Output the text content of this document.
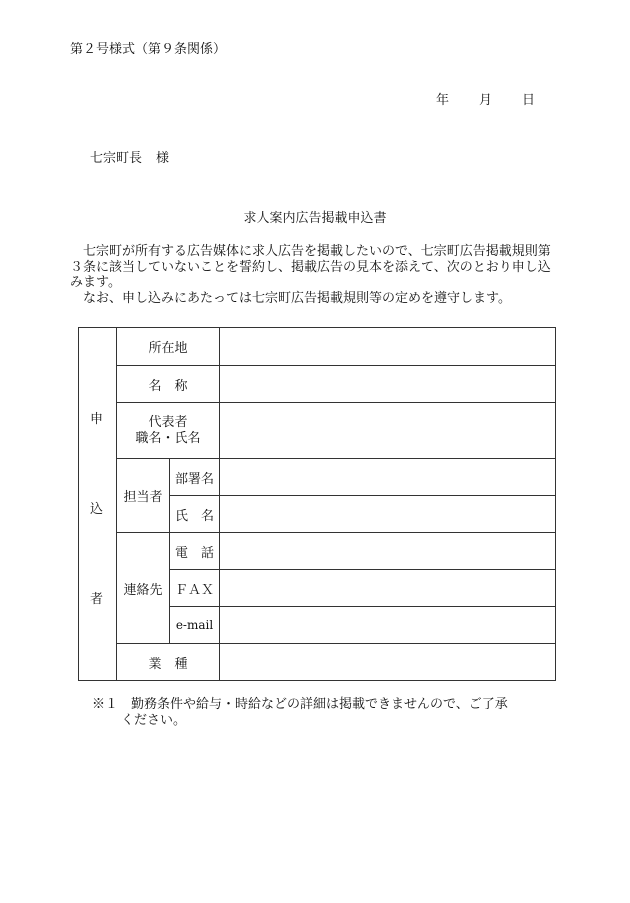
第２号様式（第９条関係）
年 月 日
七宗町長 様
求人案内広告掲載申込書

七宗町が所有する広告媒体に求人広告を掲載したいので、七宗町広告掲載規則第３条に該当していないことを誓約し、掲載広告の見本を添えて、次のとおり申し込みます。

なお、申し込みにあたっては七宗町広告掲載規則等の定めを遵守します。

申
込
者	所在地		
	名　称		

	代表者
職名・氏名		

	担当者	部署名	
		氏　名	
	連絡先	電　話	
		ＦＡＸ	
		e-mail	
	業　種		
※１　勤務条件や給与・時給などの詳細は掲載できませんので、ご了承
ください。
